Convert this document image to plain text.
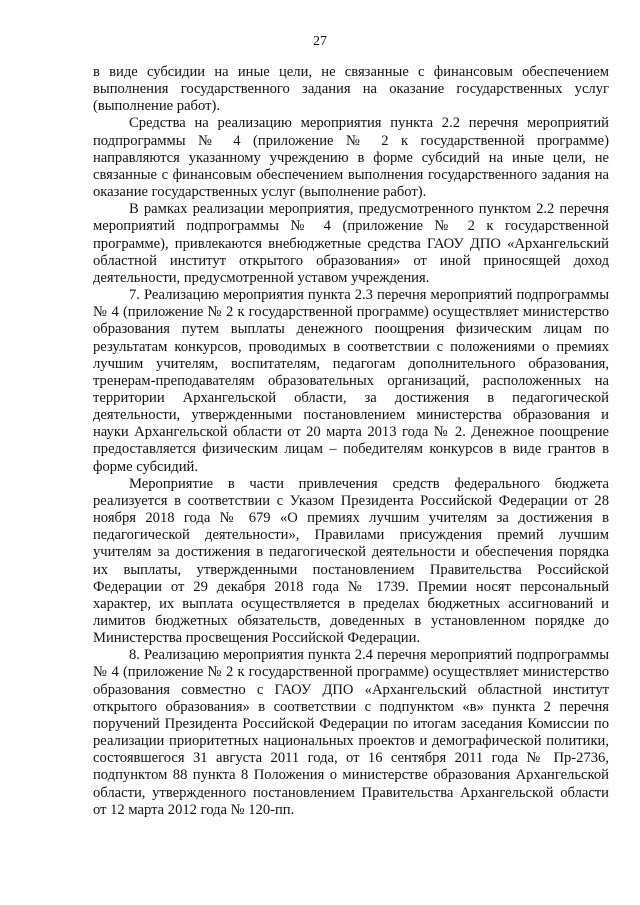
27

в виде субсидии на иные цели, не связанные с финансовым обеспечением выполнения государственного задания на оказание государственных услуг (выполнение работ).

Средства на реализацию мероприятия пункта 2.2 перечня мероприятий подпрограммы № 4 (приложение № 2 к государственной программе) направляются указанному учреждению в форме субсидий на иные цели, не связанные с финансовым обеспечением выполнения государственного задания на оказание государственных услуг (выполнение работ).

В рамках реализации мероприятия, предусмотренного пунктом 2.2 перечня мероприятий подпрограммы № 4 (приложение № 2 к государственной программе), привлекаются внебюджетные средства ГАОУ ДПО «Архангельский областной институт открытого образования» от иной приносящей доход деятельности, предусмотренной уставом учреждения.

7. Реализацию мероприятия пункта 2.3 перечня мероприятий подпрограммы № 4 (приложение № 2 к государственной программе) осуществляет министерство образования путем выплаты денежного поощрения физическим лицам по результатам конкурсов, проводимых в соответствии с положениями о премиях лучшим учителям, воспитателям, педагогам дополнительного образования, тренерам-преподавателям образовательных организаций, расположенных на территории Архангельской области, за достижения в педагогической деятельности, утвержденными постановлением министерства образования и науки Архангельской области от 20 марта 2013 года № 2. Денежное поощрение предоставляется физическим лицам – победителям конкурсов в виде грантов в форме субсидий.

Мероприятие в части привлечения средств федерального бюджета реализуется в соответствии с Указом Президента Российской Федерации от 28 ноября 2018 года № 679 «О премиях лучшим учителям за достижения в педагогической деятельности», Правилами присуждения премий лучшим учителям за достижения в педагогической деятельности и обеспечения порядка их выплаты, утвержденными постановлением Правительства Российской Федерации от 29 декабря 2018 года № 1739. Премии носят персональный характер, их выплата осуществляется в пределах бюджетных ассигнований и лимитов бюджетных обязательств, доведенных в установленном порядке до Министерства просвещения Российской Федерации.

8. Реализацию мероприятия пункта 2.4 перечня мероприятий подпрограммы № 4 (приложение № 2 к государственной программе) осуществляет министерство образования совместно с ГАОУ ДПО «Архангельский областной институт открытого образования» в соответствии с подпунктом «в» пункта 2 перечня поручений Президента Российской Федерации по итогам заседания Комиссии по реализации приоритетных национальных проектов и демографической политики, состоявшегося 31 августа 2011 года, от 16 сентября 2011 года № Пр-2736, подпунктом 88 пункта 8 Положения о министерстве образования Архангельской области, утвержденного постановлением Правительства Архангельской области от 12 марта 2012 года № 120-пп.
